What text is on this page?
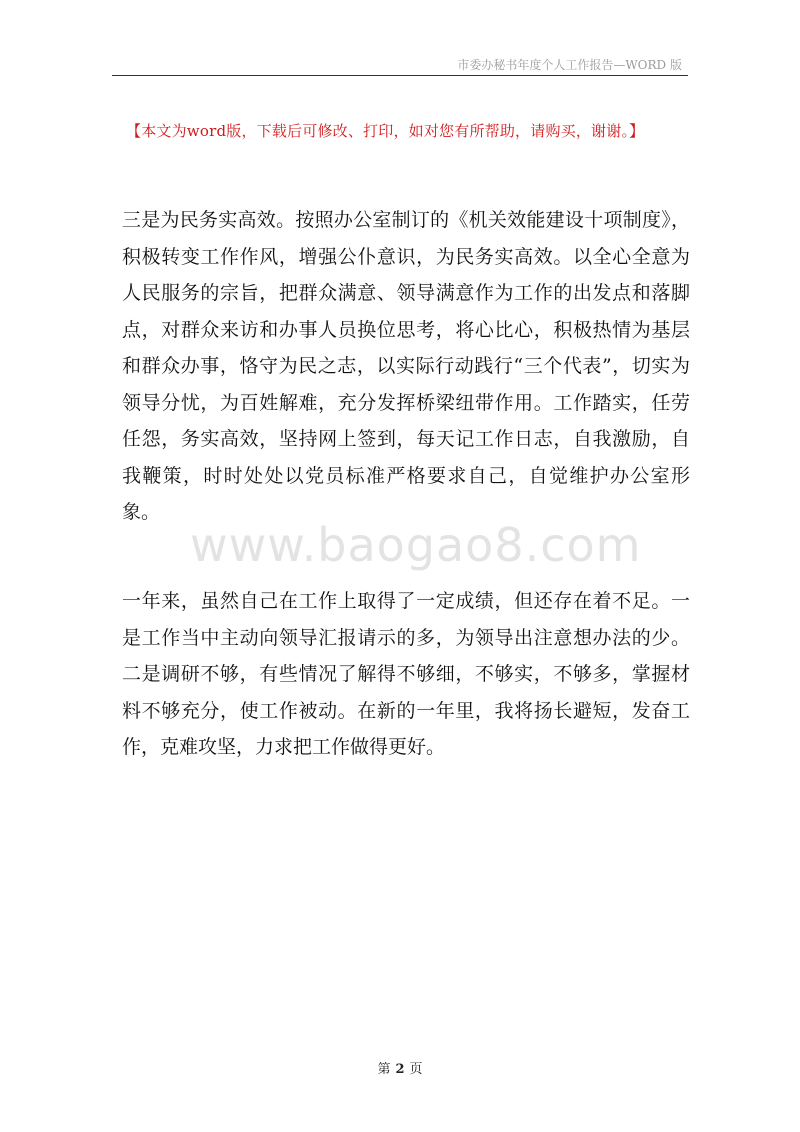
市委办秘书年度个人工作报告—WORD 版
【本文为word版，下载后可修改、打印，如对您有所帮助，请购买，谢谢。】

三是为民务实高效。按照办公室制订的《机关效能建设十项制度》，积极转变工作作风，增强公仆意识，为民务实高效。以全心全意为人民服务的宗旨，把群众满意、领导满意作为工作的出发点和落脚点，对群众来访和办事人员换位思考，将心比心，积极热情为基层和群众办事，恪守为民之志，以实际行动践行“三个代表”，切实为领导分忧，为百姓解难，充分发挥桥梁纽带作用。工作踏实，任劳任怨，务实高效，坚持网上签到，每天记工作日志，自我激励，自我鞭策，时时处处以党员标准严格要求自己，自觉维护办公室形象。

www.baogao8.com

一年来，虽然自己在工作上取得了一定成绩，但还存在着不足。一是工作当中主动向领导汇报请示的多，为领导出注意想办法的少。二是调研不够，有些情况了解得不够细，不够实，不够多，掌握材料不够充分，使工作被动。在新的一年里，我将扬长避短，发奋工作，克难攻坚，力求把工作做得更好。

第 2 页
